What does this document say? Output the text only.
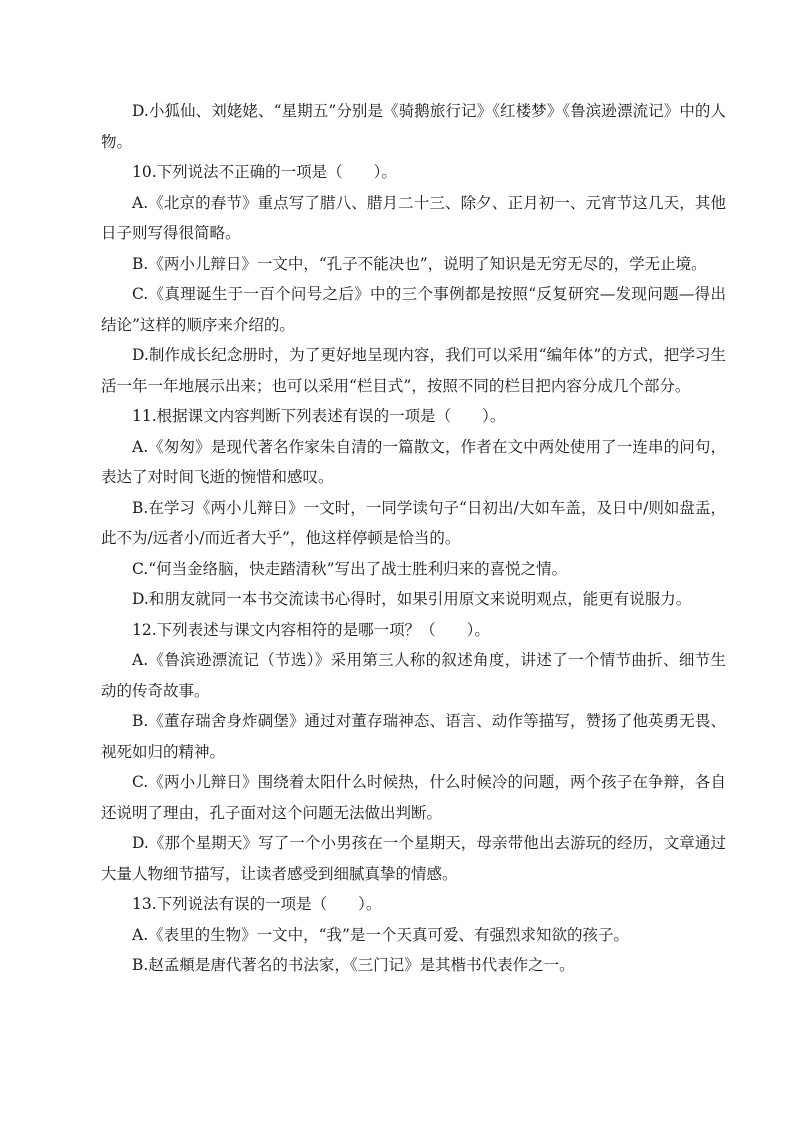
D.小狐仙、刘姥姥、“星期五”分别是《骑鹅旅行记》《红楼梦》《鲁滨逊漂流记》中的人物。

10.下列说法不正确的一项是（　　）。

A.《北京的春节》重点写了腊八、腊月二十三、除夕、正月初一、元宵节这几天，其他日子则写得很简略。

B.《两小儿辩日》一文中，“孔子不能决也”，说明了知识是无穷无尽的，学无止境。

C.《真理诞生于一百个问号之后》中的三个事例都是按照“反复研究—发现问题—得出结论”这样的顺序来介绍的。

D.制作成长纪念册时，为了更好地呈现内容，我们可以采用“编年体”的方式，把学习生活一年一年地展示出来；也可以采用“栏目式”，按照不同的栏目把内容分成几个部分。

11.根据课文内容判断下列表述有误的一项是（　　）。

A.《匆匆》是现代著名作家朱自清的一篇散文，作者在文中两处使用了一连串的问句，表达了对时间飞逝的惋惜和感叹。

B.在学习《两小儿辩日》一文时，一同学读句子“日初出/大如车盖，及日中/则如盘盂，此不为/远者小/而近者大乎”，他这样停顿是恰当的。

C.“何当金络脑，快走踏清秋”写出了战士胜利归来的喜悦之情。

D.和朋友就同一本书交流读书心得时，如果引用原文来说明观点，能更有说服力。

12.下列表述与课文内容相符的是哪一项？（　　）。

A.《鲁滨逊漂流记（节选）》采用第三人称的叙述角度，讲述了一个情节曲折、细节生动的传奇故事。

B.《董存瑞舍身炸碉堡》通过对董存瑞神态、语言、动作等描写，赞扬了他英勇无畏、视死如归的精神。

C.《两小儿辩日》围绕着太阳什么时候热，什么时候冷的问题，两个孩子在争辩，各自还说明了理由，孔子面对这个问题无法做出判断。

D.《那个星期天》写了一个小男孩在一个星期天，母亲带他出去游玩的经历，文章通过大量人物细节描写，让读者感受到细腻真挚的情感。

13.下列说法有误的一项是（　　）。

A.《表里的生物》一文中，“我”是一个天真可爱、有强烈求知欲的孩子。

B.赵孟頫是唐代著名的书法家，《三门记》是其楷书代表作之一。
